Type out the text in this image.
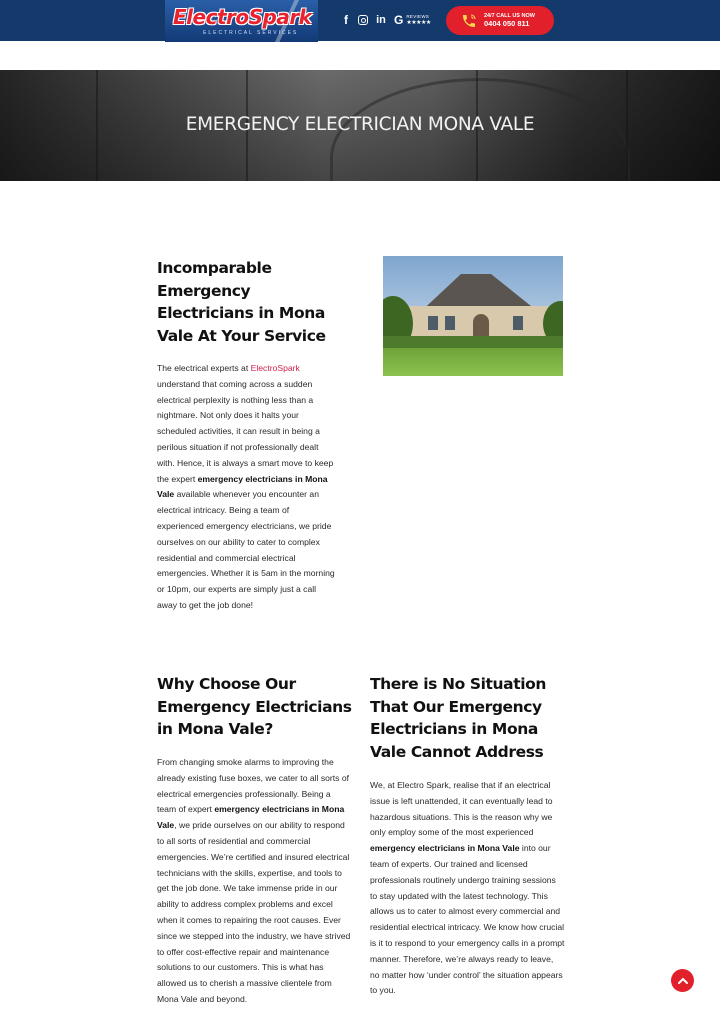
ElectroSpark
ELECTRICAL SERVICES
f	in G REVIEWS
★★★★★
24/7 CALL US NOW
0404 050 811
EMERGENCY ELECTRICIAN MONA VALE
Incomparable Emergency Electricians in Mona Vale At Your Service

The electrical experts at ElectroSpark understand that coming across a sudden electrical perplexity is nothing less than a nightmare. Not only does it halts your scheduled activities, it can result in being a perilous situation if not professionally dealt with. Hence, it is always a smart move to keep the expert emergency electricians in Mona Vale available whenever you encounter an electrical intricacy. Being a team of experienced emergency electricians, we pride ourselves on our ability to cater to complex residential and commercial electrical emergencies. Whether it is 5am in the morning or 10pm, our experts are simply just a call away to get the job done!

Why Choose Our Emergency Electricians in Mona Vale?

From changing smoke alarms to improving the already existing fuse boxes, we cater to all sorts of electrical emergencies professionally. Being a team of expert emergency electricians in Mona Vale, we pride ourselves on our ability to respond to all sorts of residential and commercial emergencies. We’re certified and insured electrical technicians with the skills, expertise, and tools to get the job done. We take immense pride in our ability to address complex problems and excel when it comes to repairing the root causes. Ever since we stepped into the industry, we have strived to offer cost-effective repair and maintenance solutions to our customers. This is what has allowed us to cherish a massive clientele from Mona Vale and beyond.

There is No Situation That Our Emergency Electricians in Mona Vale Cannot Address

We, at Electro Spark, realise that if an electrical issue is left unattended, it can eventually lead to hazardous situations. This is the reason why we only employ some of the most experienced emergency electricians in Mona Vale into our team of experts. Our trained and licensed professionals routinely undergo training sessions to stay updated with the latest technology. This allows us to cater to almost every commercial and residential electrical intricacy. We know how crucial is it to respond to your emergency calls in a prompt manner. Therefore, we’re always ready to leave, no matter how ‘under control’ the situation appears to you.
